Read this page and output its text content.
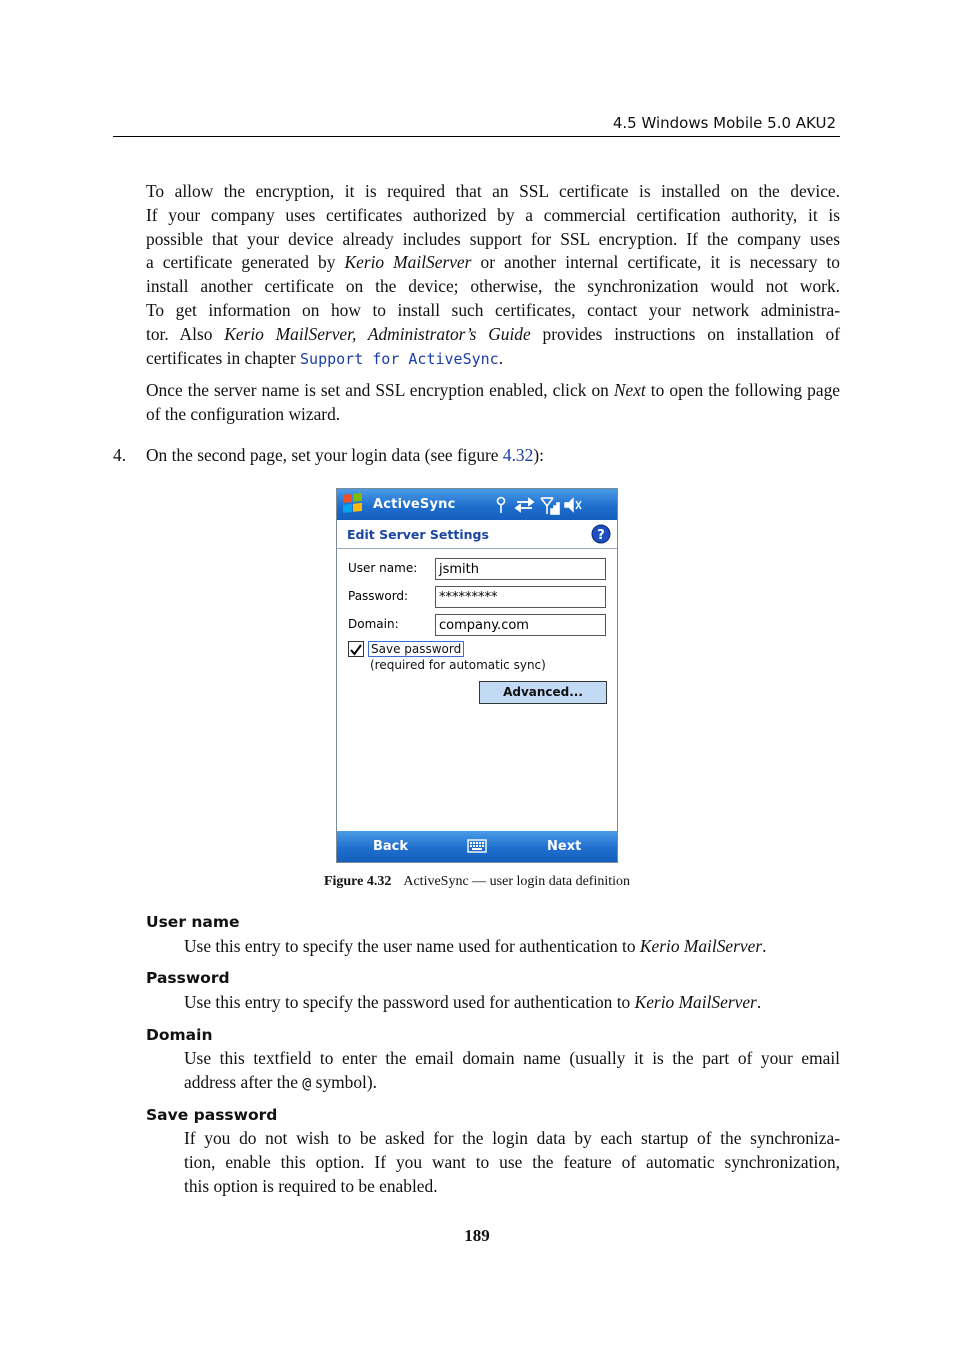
4.5 Windows Mobile 5.0 AKU2
To allow the encryption, it is required that an SSL certificate is installed on the device.
If your company uses certificates authorized by a commercial certification authority, it is
possible that your device already includes support for SSL encryption. If the company uses
a certificate generated by Kerio MailServer or another internal certificate, it is necessary to
install another certificate on the device; otherwise, the synchronization would not work.
To get information on how to install such certificates, contact your network administra-
tor. Also Kerio MailServer, Administrator’s Guide provides instructions on installation of
certificates in chapter Support for ActiveSync.

Once the server name is set and SSL encryption enabled, click on Next to open the following page of the configuration wizard.

4. On the second page, set your login data (see figure 4.32):

ActiveSync
Edit Server Settings	?
User name:	jsmith
Password:	*********
Domain:	company.com
Save password
(required for automatic sync)
Advanced...
Back	Next
Figure 4.32 ActiveSync — user login data definition
User name

Use this entry to specify the user name used for authentication to Kerio MailServer.

Password

Use this entry to specify the password used for authentication to Kerio MailServer.

Domain
Use this textfield to enter the email domain name (usually it is the part of your email
address after the @ symbol).
Save password
If you do not wish to be asked for the login data by each startup of the synchroniza-
tion, enable this option. If you want to use the feature of automatic synchronization,
this option is required to be enabled.
189
